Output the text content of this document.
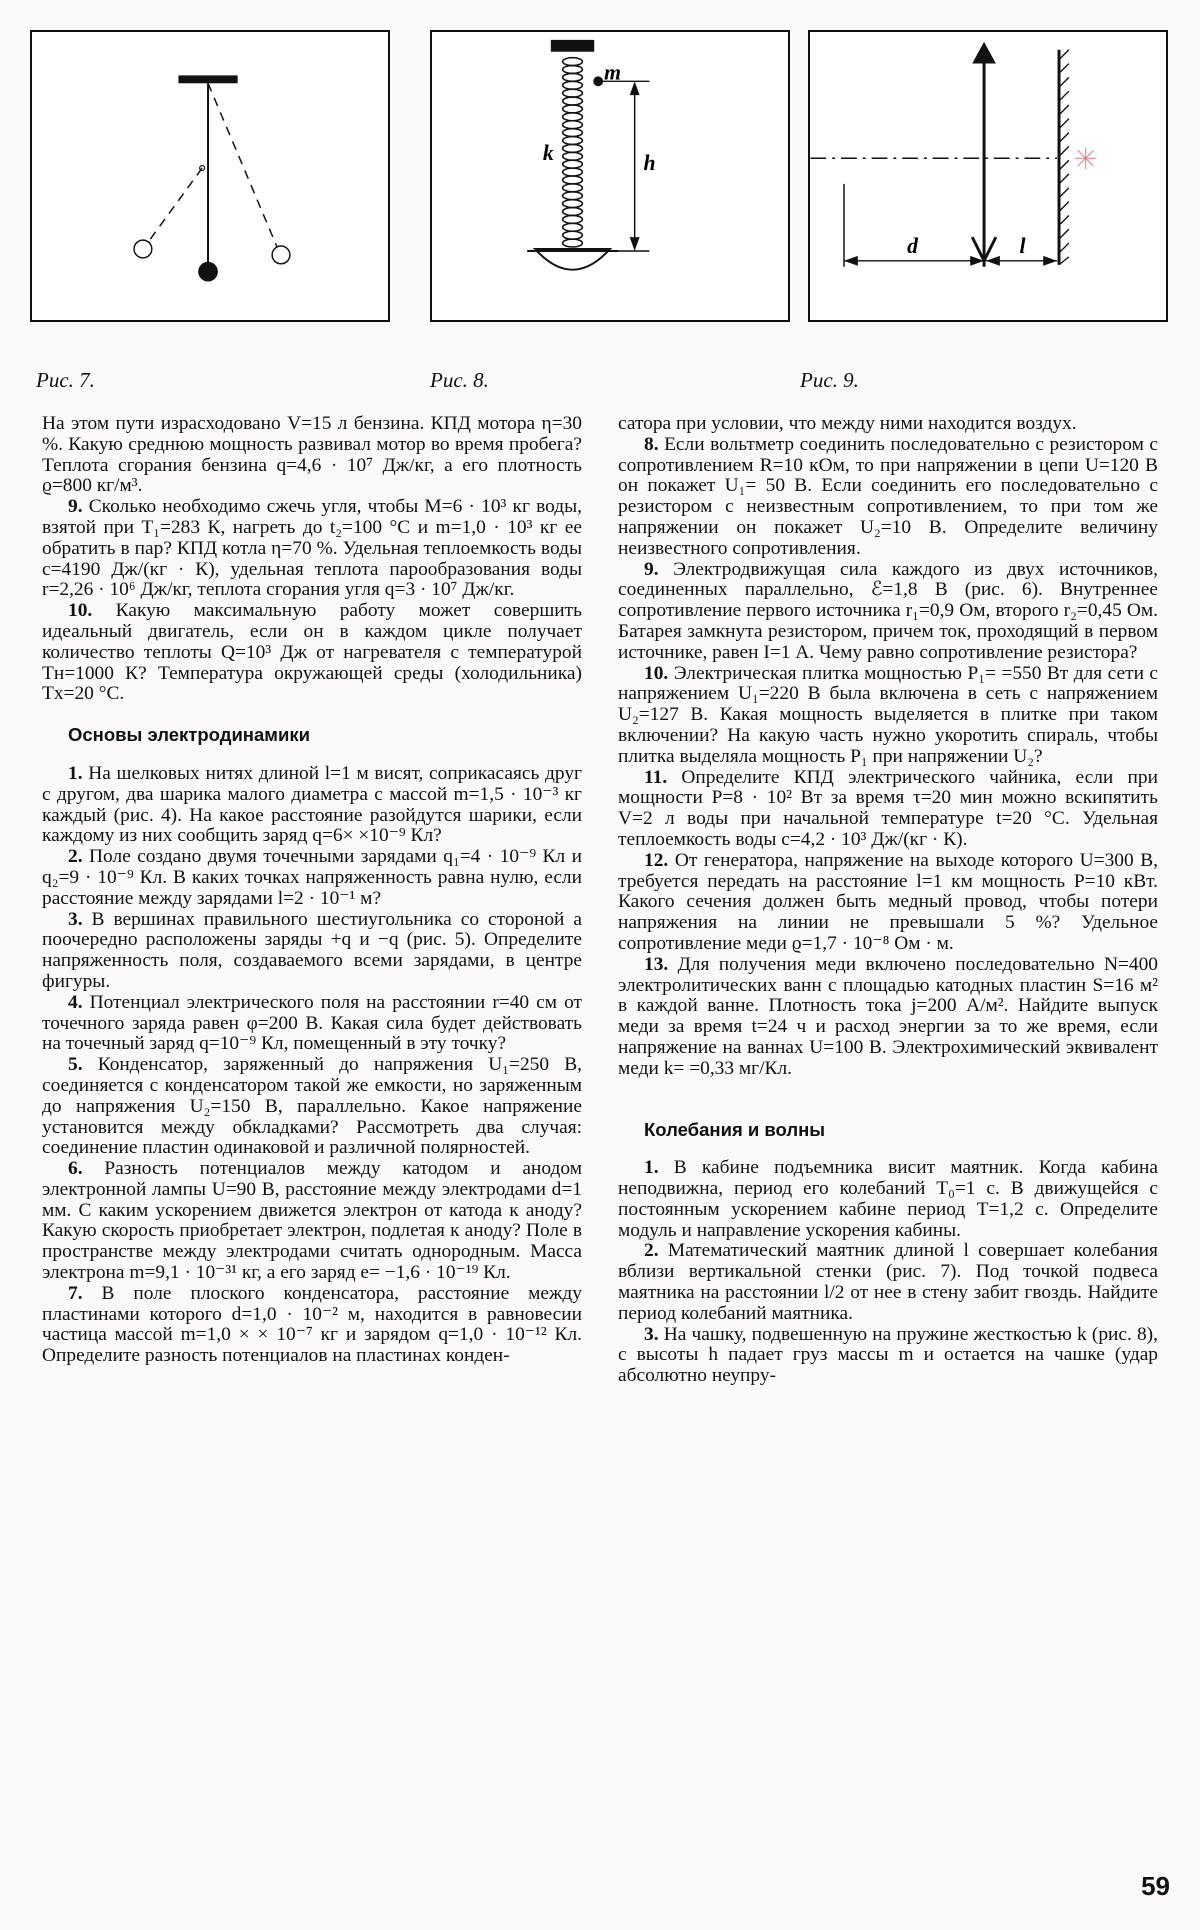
m
k	h
d	l
Рис. 7.	Рис. 8.	Рис. 9.

На этом пути израсходовано V=15 л бензина. КПД мотора η=30 %. Какую среднюю мощность развивал мотор во время пробега? Теплота сгорания бензина q=4,6 · 10⁷ Дж/кг, а его плотность ϱ=800 кг/м³.

9. Сколько необходимо сжечь угля, чтобы M=6 · 10³ кг воды, взятой при T₁=283 К, нагреть до t₂=100 °C и m=1,0 · 10³ кг ее обратить в пар? КПД котла η=70 %. Удельная теплоемкость воды c=4190 Дж/(кг · К), удельная теплота парообразования воды r=2,26 · 10⁶ Дж/кг, теплота сгорания угля q=3 · 10⁷ Дж/кг.

10. Какую максимальную работу может совершить идеальный двигатель, если он в каждом цикле получает количество теплоты Q=10³ Дж от нагревателя с температурой Tн=1000 К? Температура окружающей среды (холодильника) Tх=20 °C.

Основы электродинамики

1. На шелковых нитях длиной l=1 м висят, соприкасаясь друг с другом, два шарика малого диаметра с массой m=1,5 · 10⁻³ кг каждый (рис. 4). На какое расстояние разойдутся шарики, если каждому из них сообщить заряд q=6× ×10⁻⁹ Кл?

2. Поле создано двумя точечными зарядами q₁=4 · 10⁻⁹ Кл и q₂=9 · 10⁻⁹ Кл. В каких точках напряженность равна нулю, если расстояние между зарядами l=2 · 10⁻¹ м?

3. В вершинах правильного шестиугольника со стороной a поочередно расположены заряды +q и −q (рис. 5). Определите напряженность поля, создаваемого всеми зарядами, в центре фигуры.

4. Потенциал электрического поля на расстоянии r=40 см от точечного заряда равен φ=200 В. Какая сила будет действовать на точечный заряд q=10⁻⁹ Кл, помещенный в эту точку?

5. Конденсатор, заряженный до напряжения U₁=250 В, соединяется с конденсатором такой же емкости, но заряженным до напряжения U₂=150 В, параллельно. Какое напряжение установится между обкладками? Рассмотреть два случая: соединение пластин одинаковой и различной полярностей.

6. Разность потенциалов между катодом и анодом электронной лампы U=90 В, расстояние между электродами d=1 мм. С каким ускорением движется электрон от катода к аноду? Какую скорость приобретает электрон, подлетая к аноду? Поле в пространстве между электродами считать однородным. Масса электрона m=9,1 · 10⁻³¹ кг, а его заряд e= −1,6 · 10⁻¹⁹ Кл.

7. В поле плоского конденсатора, расстояние между пластинами которого d=1,0 · 10⁻² м, находится в равновесии частица массой m=1,0 × × 10⁻⁷ кг и зарядом q=1,0 · 10⁻¹² Кл. Определите разность потенциалов на пластинах конден-

сатора при условии, что между ними находится воздух.

8. Если вольтметр соединить последовательно с резистором с сопротивлением R=10 кОм, то при напряжении в цепи U=120 В он покажет U₁= 50 В. Если соединить его последовательно с резистором с неизвестным сопротивлением, то при том же напряжении он покажет U₂=10 В. Определите величину неизвестного сопротивления.

9. Электродвижущая сила каждого из двух источников, соединенных параллельно, ℰ=1,8 В (рис. 6). Внутреннее сопротивление первого источника r₁=0,9 Ом, второго r₂=0,45 Ом. Батарея замкнута резистором, причем ток, проходящий в первом источнике, равен I=1 А. Чему равно сопротивление резистора?

10. Электрическая плитка мощностью P₁= =550 Вт для сети с напряжением U₁=220 В была включена в сеть с напряжением U₂=127 В. Какая мощность выделяется в плитке при таком включении? На какую часть нужно укоротить спираль, чтобы плитка выделяла мощность P₁ при напряжении U₂?

11. Определите КПД электрического чайника, если при мощности P=8 · 10² Вт за время τ=20 мин можно вскипятить V=2 л воды при начальной температуре t=20 °C. Удельная теплоемкость воды c=4,2 · 10³ Дж/(кг · К).

12. От генератора, напряжение на выходе которого U=300 В, требуется передать на расстояние l=1 км мощность P=10 кВт. Какого сечения должен быть медный провод, чтобы потери напряжения на линии не превышали 5 %? Удельное сопротивление меди ϱ=1,7 · 10⁻⁸ Ом · м.

13. Для получения меди включено последовательно N=400 электролитических ванн с площадью катодных пластин S=16 м² в каждой ванне. Плотность тока j=200 А/м². Найдите выпуск меди за время t=24 ч и расход энергии за то же время, если напряжение на ваннах U=100 В. Электрохимический эквивалент меди k= =0,33 мг/Кл.

Колебания и волны

1. В кабине подъемника висит маятник. Когда кабина неподвижна, период его колебаний T₀=1 с. В движущейся с постоянным ускорением кабине период T=1,2 с. Определите модуль и направление ускорения кабины.

2. Математический маятник длиной l совершает колебания вблизи вертикальной стенки (рис. 7). Под точкой подвеса маятника на расстоянии l/2 от нее в стену забит гвоздь. Найдите период колебаний маятника.

3. На чашку, подвешенную на пружине жесткостью k (рис. 8), с высоты h падает груз массы m и остается на чашке (удар абсолютно неупру-

59
